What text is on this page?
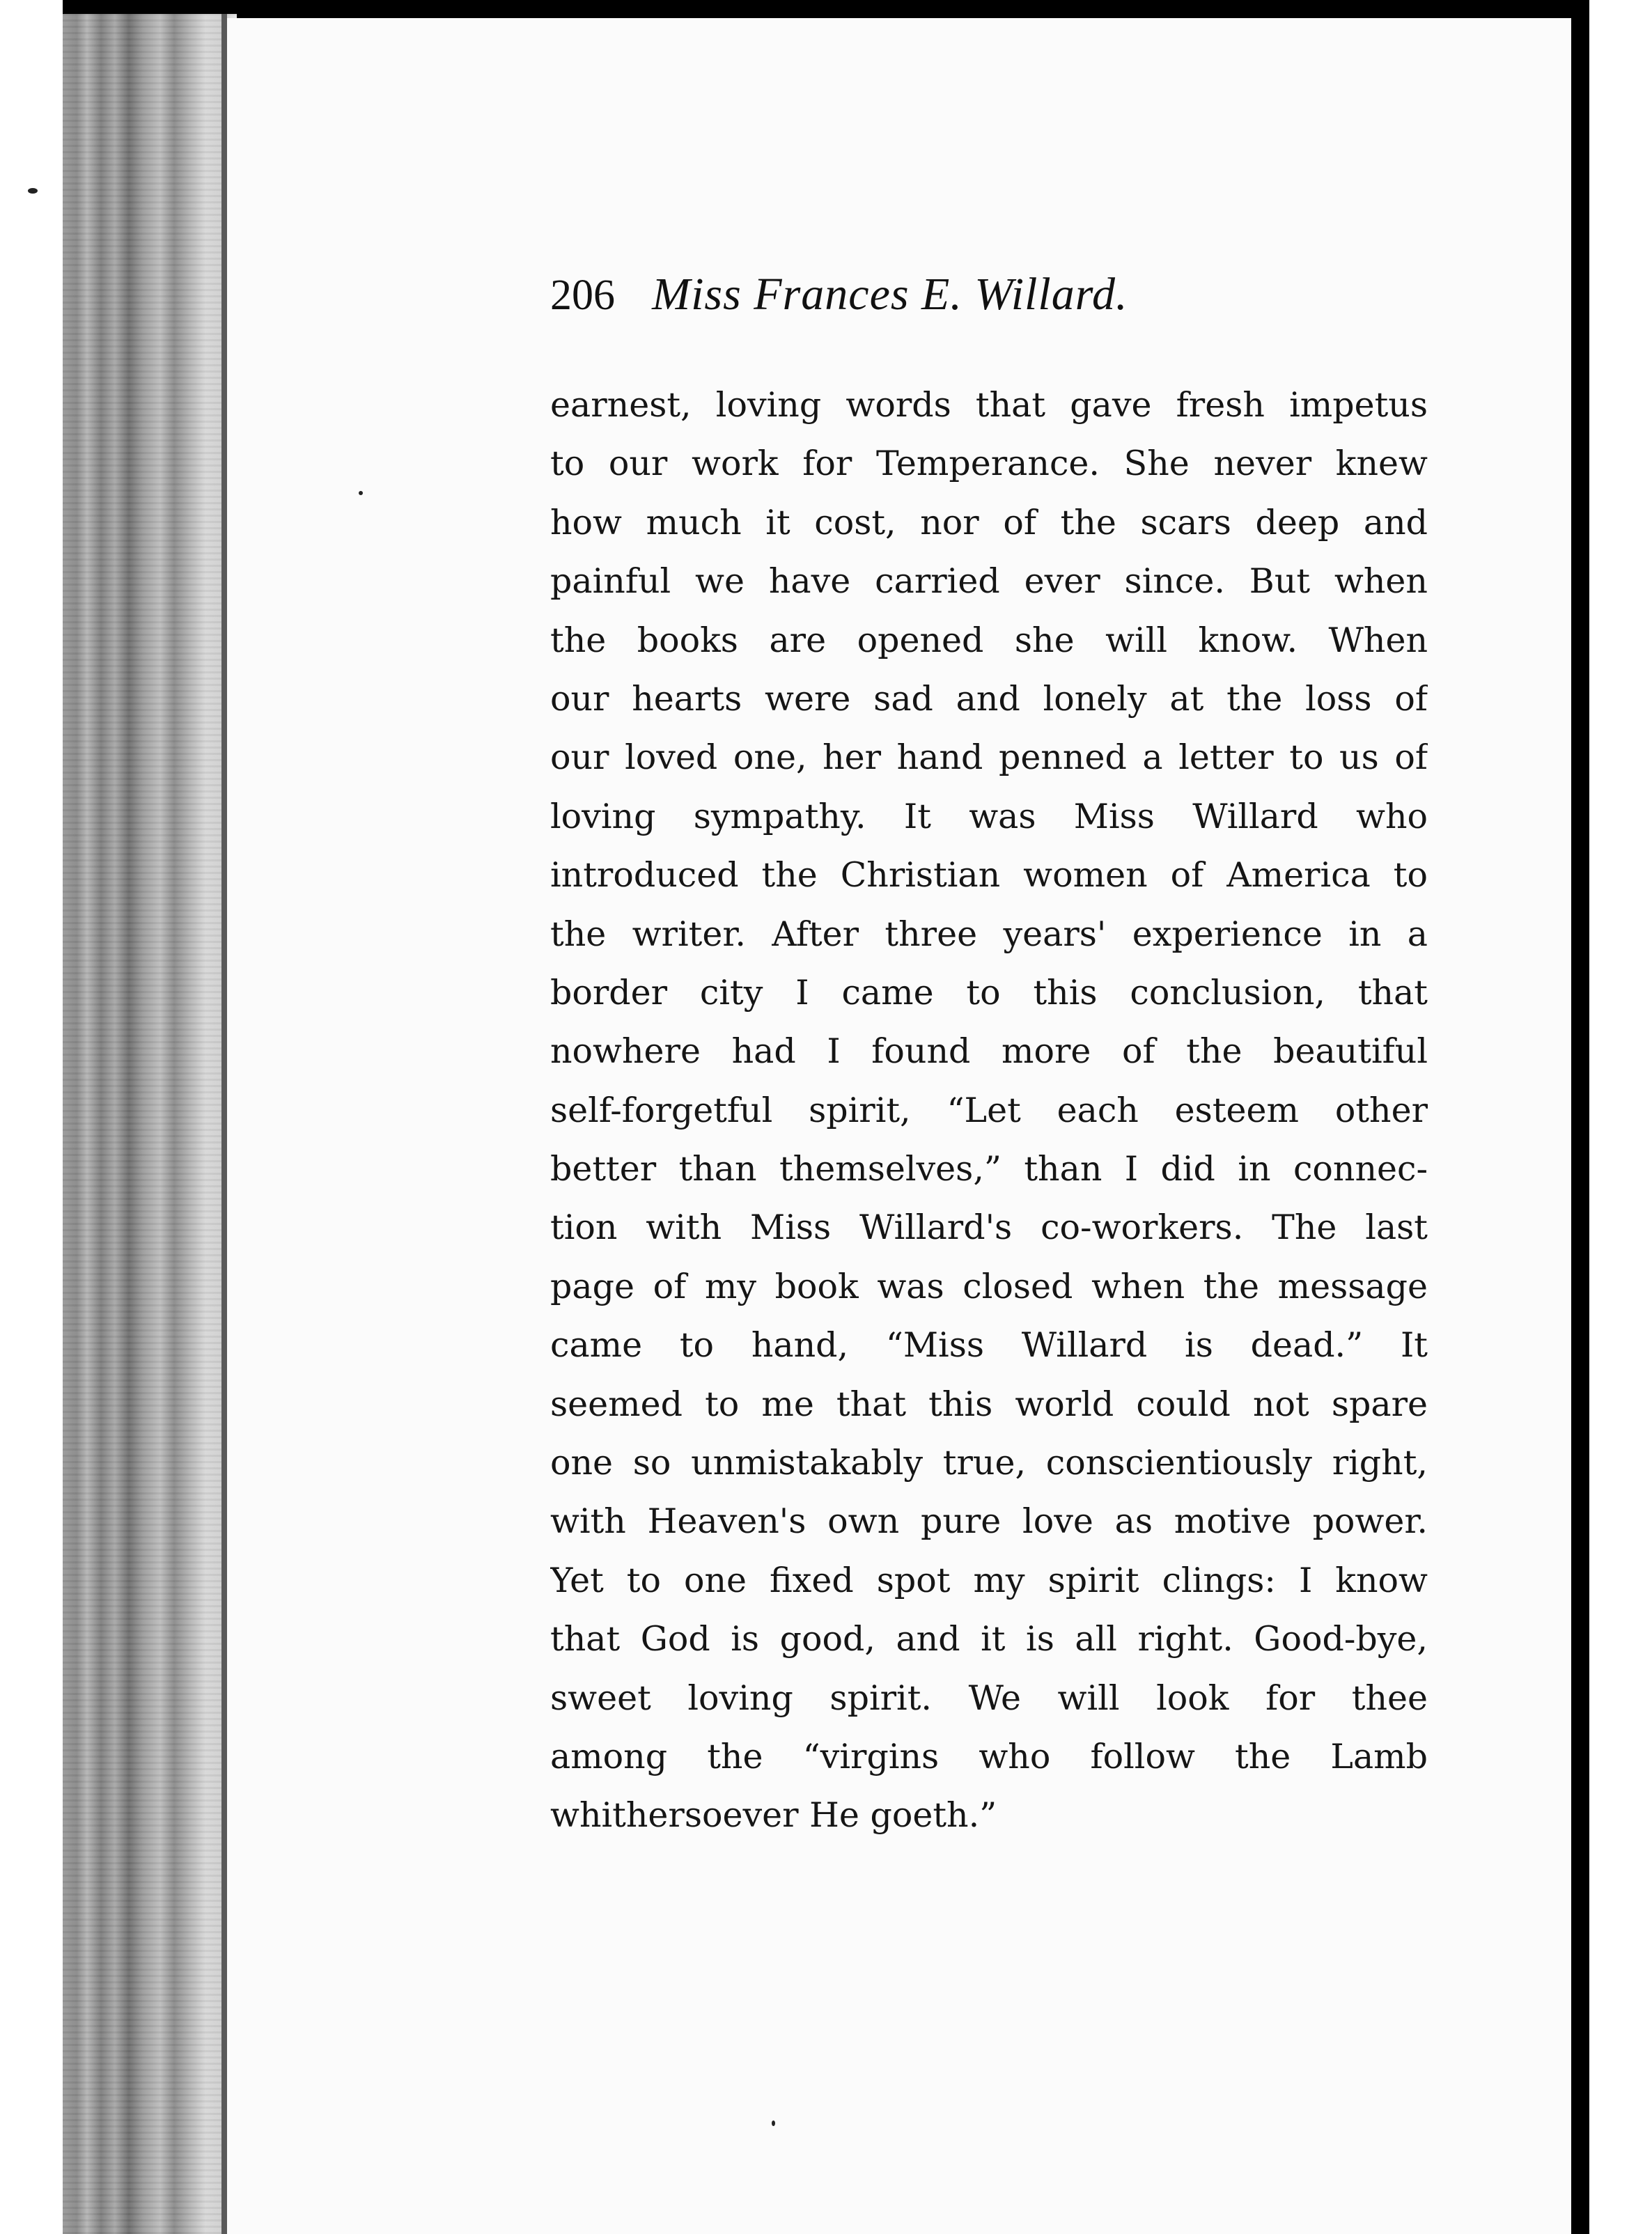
206 Miss Frances E. Willard.
earnest, loving words that gave fresh impetus
to our work for Temperance. She never knew
how much it cost, nor of the scars deep and
painful we have carried ever since. But when
the books are opened she will know. When
our hearts were sad and lonely at the loss of
our loved one, her hand penned a letter to us of
loving sympathy. It was Miss Willard who
introduced the Christian women of America to
the writer. After three years' experience in a
border city I came to this conclusion, that
nowhere had I found more of the beautiful
self-forgetful spirit, “Let each esteem other
better than themselves,” than I did in connec-
tion with Miss Willard's co-workers. The last
page of my book was closed when the message
came to hand, “Miss Willard is dead.” It
seemed to me that this world could not spare
one so unmistakably true, conscientiously right,
with Heaven's own pure love as motive power.
Yet to one fixed spot my spirit clings: I know
that God is good, and it is all right. Good-bye,
sweet loving spirit. We will look for thee
among the “virgins who follow the Lamb
whithersoever He goeth.”
